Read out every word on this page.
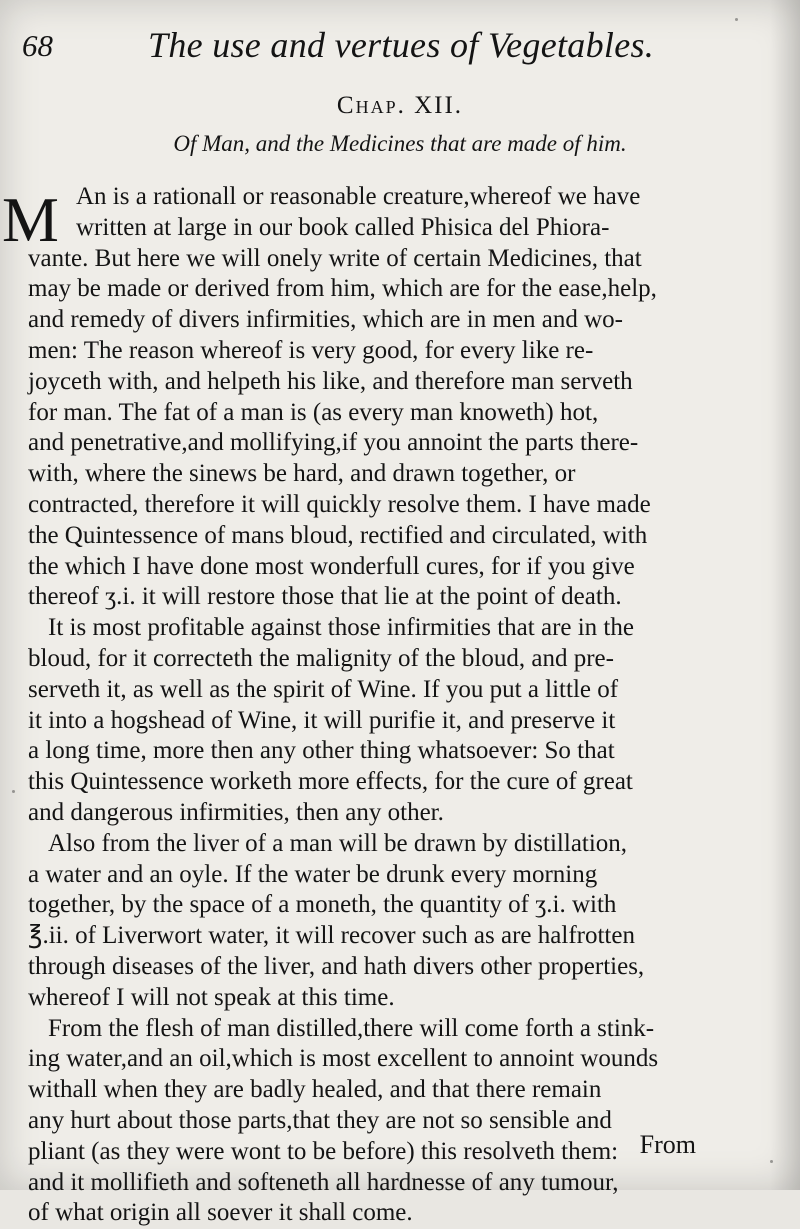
68	The use and vertues of Vegetables.
Chap. XII.
Of Man, and the Medicines that are made of him.
M An is a rationall or reasonable creature,whereof we have
written at large in our book called Phisica del Phiora-
vante. But here we will onely write of certain Medicines, that
may be made or derived from him, which are for the ease,help,
and remedy of divers infirmities, which are in men and wo-
men: The reason whereof is very good, for every like re-
joyceth with, and helpeth his like, and therefore man serveth
for man. The fat of a man is (as every man knoweth) hot,
and penetrative,and mollifying,if you annoint the parts there-
with, where the sinews be hard, and drawn together, or
contracted, therefore it will quickly resolve them. I have made
the Quintessence of mans bloud, rectified and circulated, with
the which I have done most wonderfull cures, for if you give
thereof ʒ.i. it will restore those that lie at the point of death.
It is most profitable against those infirmities that are in the
bloud, for it correcteth the malignity of the bloud, and pre-
serveth it, as well as the spirit of Wine. If you put a little of
it into a hogshead of Wine, it will purifie it, and preserve it
a long time, more then any other thing whatsoever: So that
this Quintessence worketh more effects, for the cure of great
and dangerous infirmities, then any other.
Also from the liver of a man will be drawn by distillation,
a water and an oyle. If the water be drunk every morning
together, by the space of a moneth, the quantity of ʒ.i. with
℥.ii. of Liverwort water, it will recover such as are halfrotten
through diseases of the liver, and hath divers other properties,
whereof I will not speak at this time.
From the flesh of man distilled,there will come forth a stink-
ing water,and an oil,which is most excellent to annoint wounds
withall when they are badly healed, and that there remain
any hurt about those parts,that they are not so sensible and
pliant (as they were wont to be before) this resolveth them:
and it mollifieth and softeneth all hardnesse of any tumour,
of what origin all soever it shall come.
From
